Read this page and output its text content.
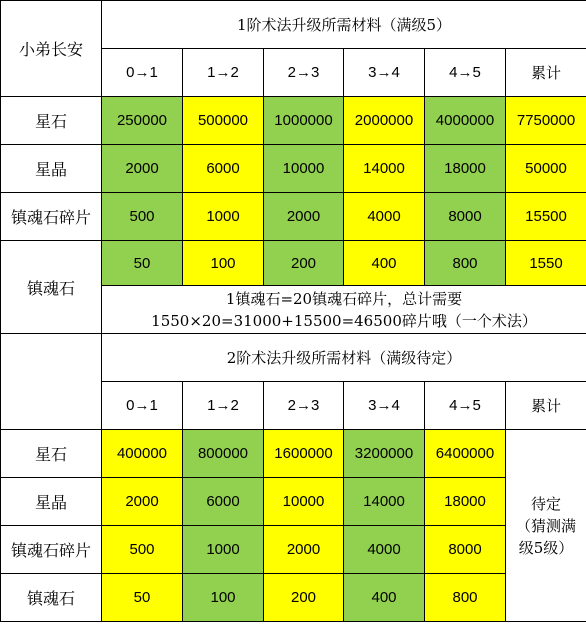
小弟长安	1阶术法升级所需材料（满级5）					
	0→1	1→2	2→3	3→4	4→5	累计
星石	250000	500000	1000000	2000000	4000000	7750000
星晶	2000	6000	10000	14000	18000	50000
镇魂石碎片	500	1000	2000	4000	8000	15500
镇魂石	50	100	200	400	800	1550

	1镇魂石=20镇魂石碎片，总计需要
1550×20=31000+15500=46500碎片哦（一个术法）					

	2阶术法升级所需材料（满级待定）					
	0→1	1→2	2→3	3→4	4→5	累计
星石	400000	800000	1600000	3200000	6400000	待定
（猜测满
级5级）

星晶	2000	6000	10000	14000	18000	
镇魂石碎片	500	1000	2000	4000	8000	
镇魂石	50	100	200	400	800	
